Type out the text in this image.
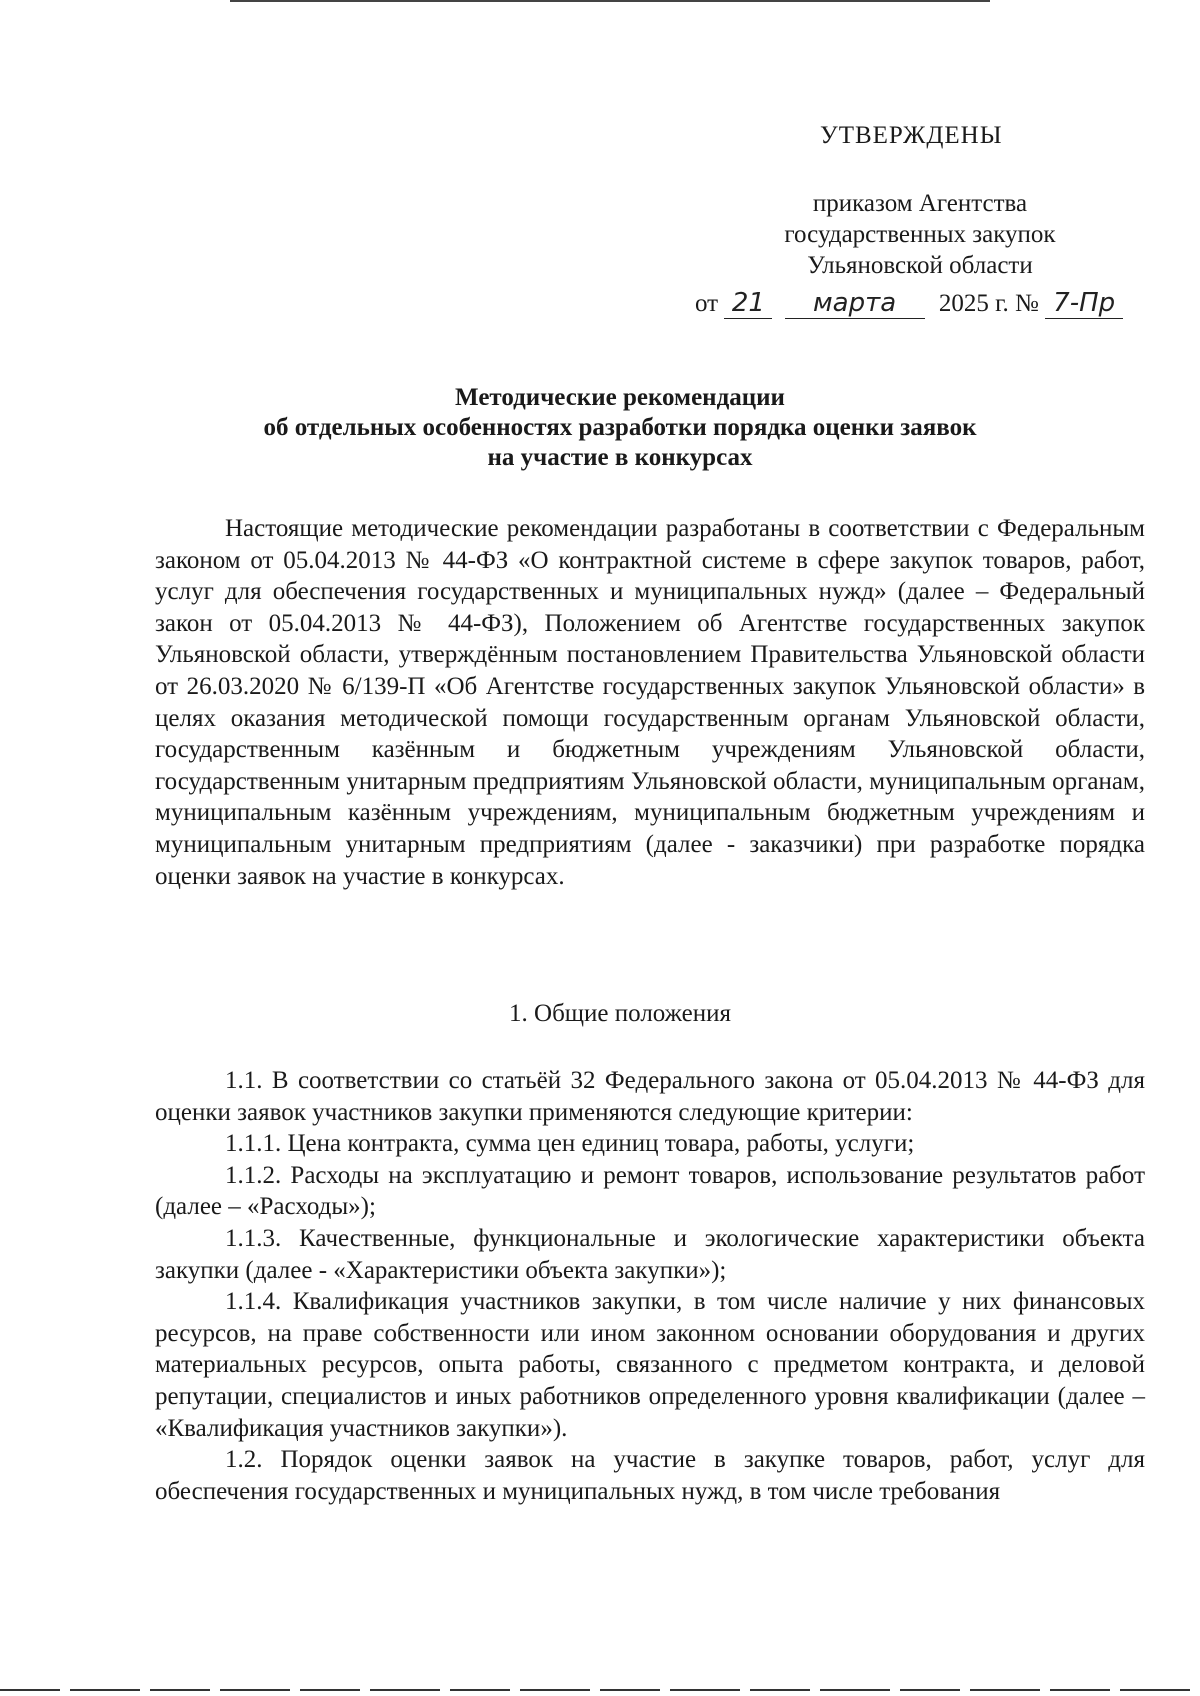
УТВЕРЖДЕНЫ
приказом Агентства
государственных закупок
Ульяновской области
от 21 марта 2025 г. № 7-Пр
Методические рекомендации
об отдельных особенностях разработки порядка оценки заявок
на участие в конкурсах

Настоящие методические рекомендации разработаны в соответствии с Федеральным законом от 05.04.2013 № 44-ФЗ «О контрактной системе в сфере закупок товаров, работ, услуг для обеспечения государственных и муниципальных нужд» (далее – Федеральный закон от 05.04.2013 № 44-ФЗ), Положением об Агентстве государственных закупок Ульяновской области, утверждённым постановлением Правительства Ульяновской области от 26.03.2020 № 6/139-П «Об Агентстве государственных закупок Ульяновской области» в целях оказания методической помощи государственным органам Ульяновской области, государственным казённым и бюджетным учреждениям Ульяновской области, государственным унитарным предприятиям Ульяновской области, муниципальным органам, муниципальным казённым учреждениям, муниципальным бюджетным учреждениям и муниципальным унитарным предприятиям (далее - заказчики) при разработке порядка оценки заявок на участие в конкурсах.

1. Общие положения

1.1. В соответствии со статьёй 32 Федерального закона от 05.04.2013 № 44-ФЗ для оценки заявок участников закупки применяются следующие критерии:

1.1.1. Цена контракта, сумма цен единиц товара, работы, услуги;

1.1.2. Расходы на эксплуатацию и ремонт товаров, использование результатов работ (далее – «Расходы»);

1.1.3. Качественные, функциональные и экологические характеристики объекта закупки (далее - «Характеристики объекта закупки»);

1.1.4. Квалификация участников закупки, в том числе наличие у них финансовых ресурсов, на праве собственности или ином законном основании оборудования и других материальных ресурсов, опыта работы, связанного с предметом контракта, и деловой репутации, специалистов и иных работников определенного уровня квалификации (далее – «Квалификация участников закупки»).

1.2. Порядок оценки заявок на участие в закупке товаров, работ, услуг для обеспечения государственных и муниципальных нужд, в том числе требования
